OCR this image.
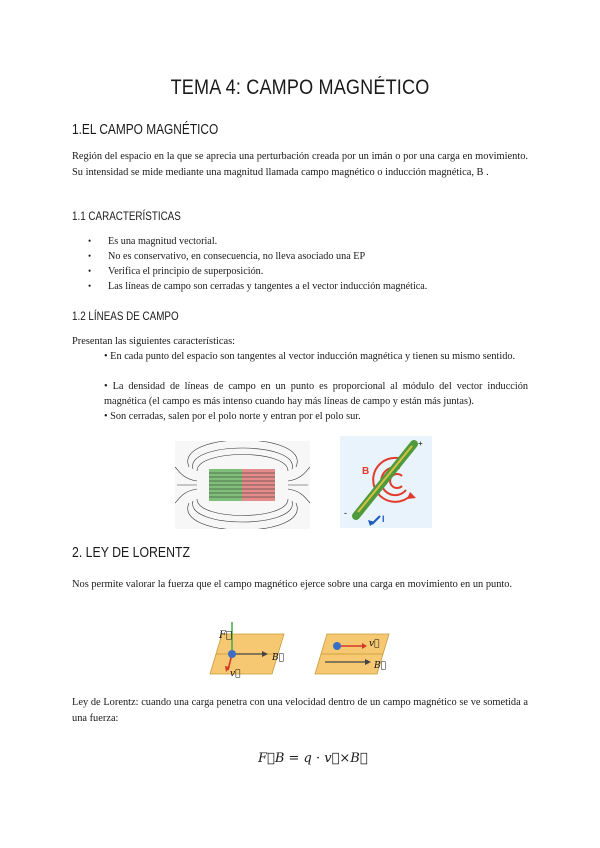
TEMA 4: CAMPO MAGNÉTICO
1.EL CAMPO MAGNÉTICO
Región del espacio en la que se aprecia una perturbación creada por un imán o por una carga en movimiento. Su intensidad se mide mediante una magnitud llamada campo magnético o inducción magnética, B .
1.1 CARACTERÍSTICAS
• Es una magnitud vectorial.
• No es conservativo, en consecuencia, no lleva asociado una EP
• Verifica el principio de superposición.
• Las líneas de campo son cerradas y tangentes a el vector inducción magnética.
1.2 LÍNEAS DE CAMPO
Presentan las siguientes características:
• En cada punto del espacio son tangentes al vector inducción magnética y tienen su mismo sentido.
• La densidad de líneas de campo en un punto es proporcional al módulo del vector inducción magnética (el campo es más intenso cuando hay más líneas de campo y están más juntas).
• Son cerradas, salen por el polo norte y entran por el polo sur.
B
I
+
-
2. LEY DE LORENTZ
Nos permite valorar la fuerza que el campo magnético ejerce sobre una carga en movimiento en un punto.
F⃗
v⃗
B⃗
v⃗
B⃗
Ley de Lorentz: cuando una carga penetra con una velocidad dentro de un campo magnético se ve sometida a una fuerza:
F⃗B = q · v⃗×B⃗
